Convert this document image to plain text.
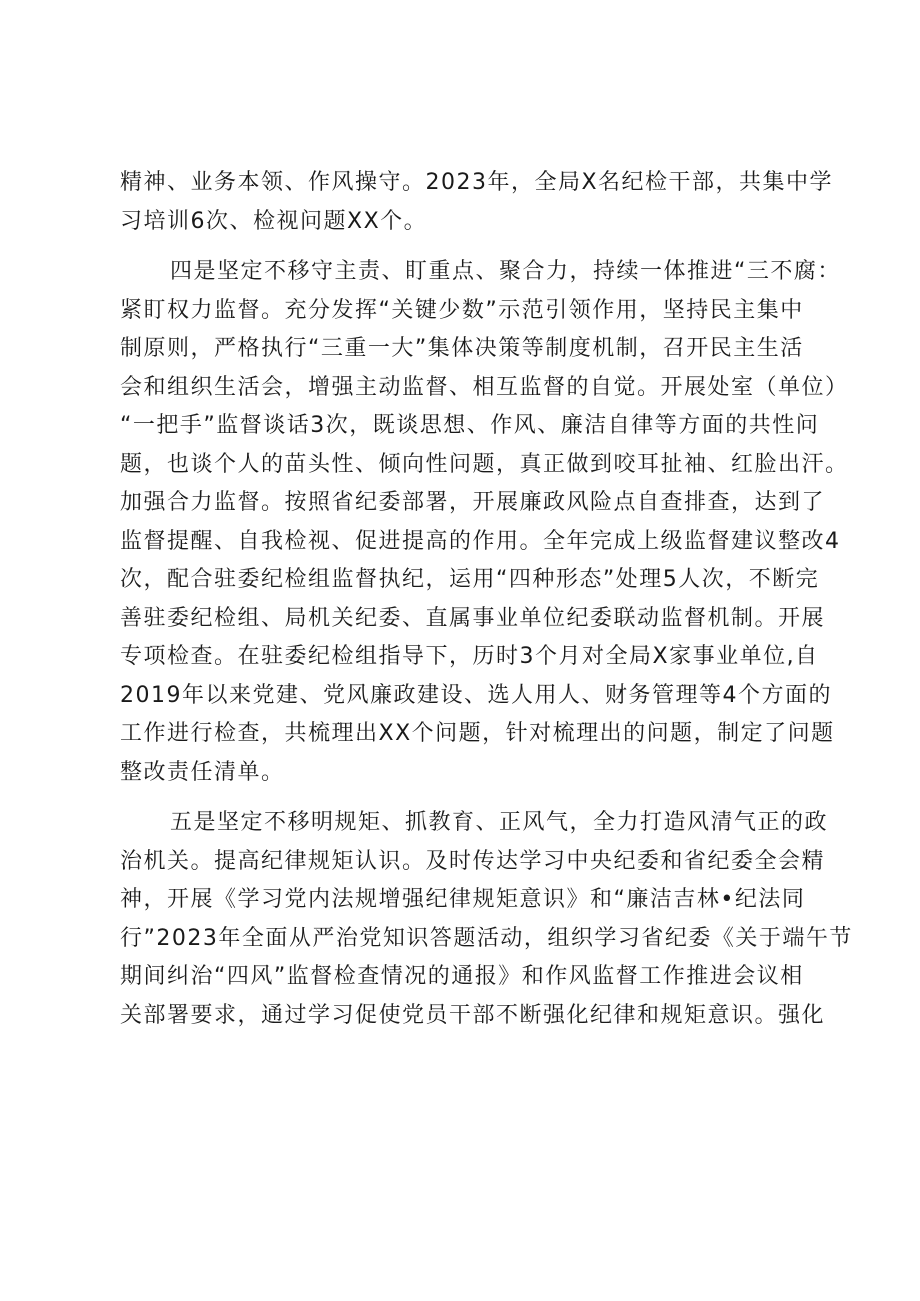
精神、业务本领、作风操守。2023年，全局X名纪检干部，共集中学
习培训6次、检视问题XX个。
四是坚定不移守主责、盯重点、聚合力，持续一体推进“三不腐：
紧盯权力监督。充分发挥“关键少数”示范引领作用，坚持民主集中
制原则，严格执行“三重一大”集体决策等制度机制，召开民主生活
会和组织生活会，增强主动监督、相互监督的自觉。开展处室（单位）
“一把手”监督谈话3次，既谈思想、作风、廉洁自律等方面的共性问
题，也谈个人的苗头性、倾向性问题，真正做到咬耳扯袖、红脸出汗。
加强合力监督。按照省纪委部署，开展廉政风险点自查排查，达到了
监督提醒、自我检视、促进提高的作用。全年完成上级监督建议整改4
次，配合驻委纪检组监督执纪，运用“四种形态”处理5人次，不断完
善驻委纪检组、局机关纪委、直属事业单位纪委联动监督机制。开展
专项检查。在驻委纪检组指导下，历时3个月对全局X家事业单位,自
2019年以来党建、党风廉政建设、选人用人、财务管理等4个方面的
工作进行检查，共梳理出XX个问题，针对梳理出的问题，制定了问题
整改责任清单。
五是坚定不移明规矩、抓教育、正风气，全力打造风清气正的政
治机关。提高纪律规矩认识。及时传达学习中央纪委和省纪委全会精
神，开展《学习党内法规增强纪律规矩意识》和“廉洁吉林•纪法同
行”2023年全面从严治党知识答题活动，组织学习省纪委《关于端午节
期间纠治“四风”监督检查情况的通报》和作风监督工作推进会议相
关部署要求，通过学习促使党员干部不断强化纪律和规矩意识。强化
